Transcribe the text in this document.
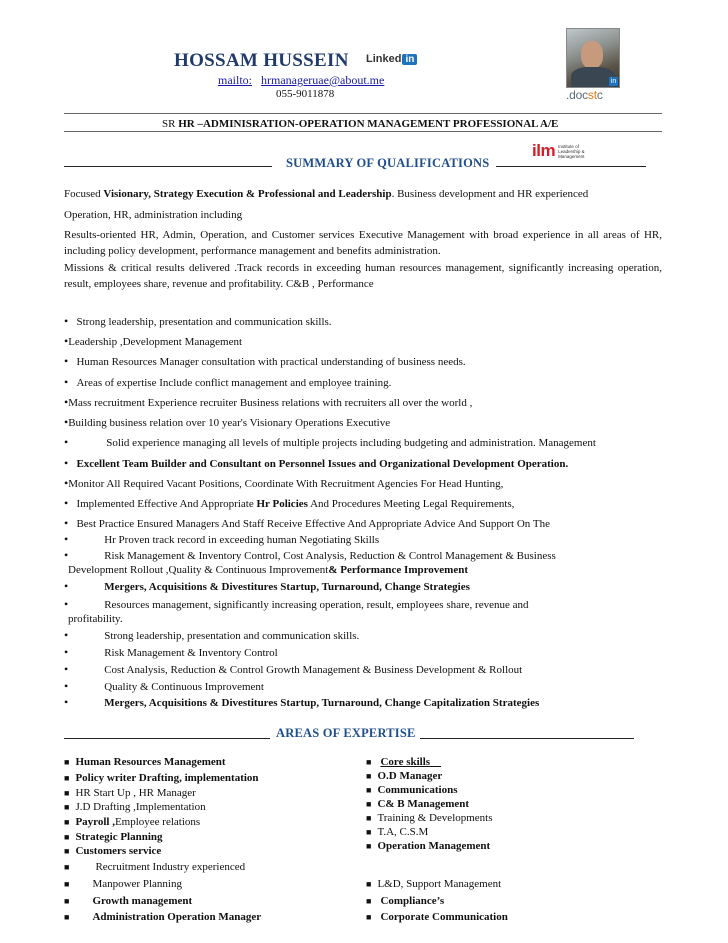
HOSSAM HUSSEIN Linked in
mailto: hrmanageruae@about.me
055-9011878
in
.docstc
SR HR –ADMINISRATION-OPERATION MANAGEMENT PROFESSIONAL A/E
SUMMARY OF QUALIFICATIONS
ilm Institute of Leadership & Management
Focused Visionary, Strategy Execution & Professional and Leadership. Business development and HR experienced
Operation, HR, administration including
Results-oriented HR, Admin, Operation, and Customer services Executive Management with broad experience in all areas of HR, including policy development, performance management and benefits administration.
Missions & critical results delivered .Track records in exceeding human resources management, significantly increasing operation, result, employees share, revenue and profitability. C&B , Performance
• Strong leadership, presentation and communication skills.
•Leadership ,Development Management
• Human Resources Manager consultation with practical understanding of business needs.
• Areas of expertise Include conflict management and employee training.
•Mass recruitment Experience recruiter Business relations with recruiters all over the world ,
•Building business relation over 10 year's Visionary Operations Executive
•	Solid experience managing all levels of multiple projects including budgeting and administration. Management
• Excellent Team Builder and Consultant on Personnel Issues and Organizational Development Operation.
•Monitor All Required Vacant Positions, Coordinate With Recruitment Agencies For Head Hunting,
• Implemented Effective And Appropriate Hr Policies And Procedures Meeting Legal Requirements,
• Best Practice Ensured Managers And Staff Receive Effective And Appropriate Advice And Support On The
•	Hr Proven track record in exceeding human Negotiating Skills
•	Risk Management & Inventory Control, Cost Analysis, Reduction & Control Management & Business
Development Rollout ,Quality & Continuous Improvement& Performance Improvement
•	Mergers, Acquisitions & Divestitures Startup, Turnaround, Change Strategies
•	Resources management, significantly increasing operation, result, employees share, revenue and
profitability.
•	Strong leadership, presentation and communication skills.
•	Risk Management & Inventory Control
•	Cost Analysis, Reduction & Control Growth Management & Business Development & Rollout
•	Quality & Continuous Improvement
•	Mergers, Acquisitions & Divestitures Startup, Turnaround, Change Capitalization Strategies
AREAS OF EXPERTISE
■ Human Resources Management
■ Policy writer Drafting, implementation
■ HR Start Up , HR Manager
■ J.D Drafting ,Implementation
■ Payroll ,Employee relations
■ Strategic Planning
■ Customers service
■ Recruitment Industry experienced
■ Manpower Planning
■ Growth management
■ Administration Operation Manager
■ Core skills
■ O.D Manager
■ Communications
■ C& B Management
■ Training & Developments
■ T.A, C.S.M
■ Operation Management
■ L&D, Support Management
■ Compliance’s
■ Corporate Communication
